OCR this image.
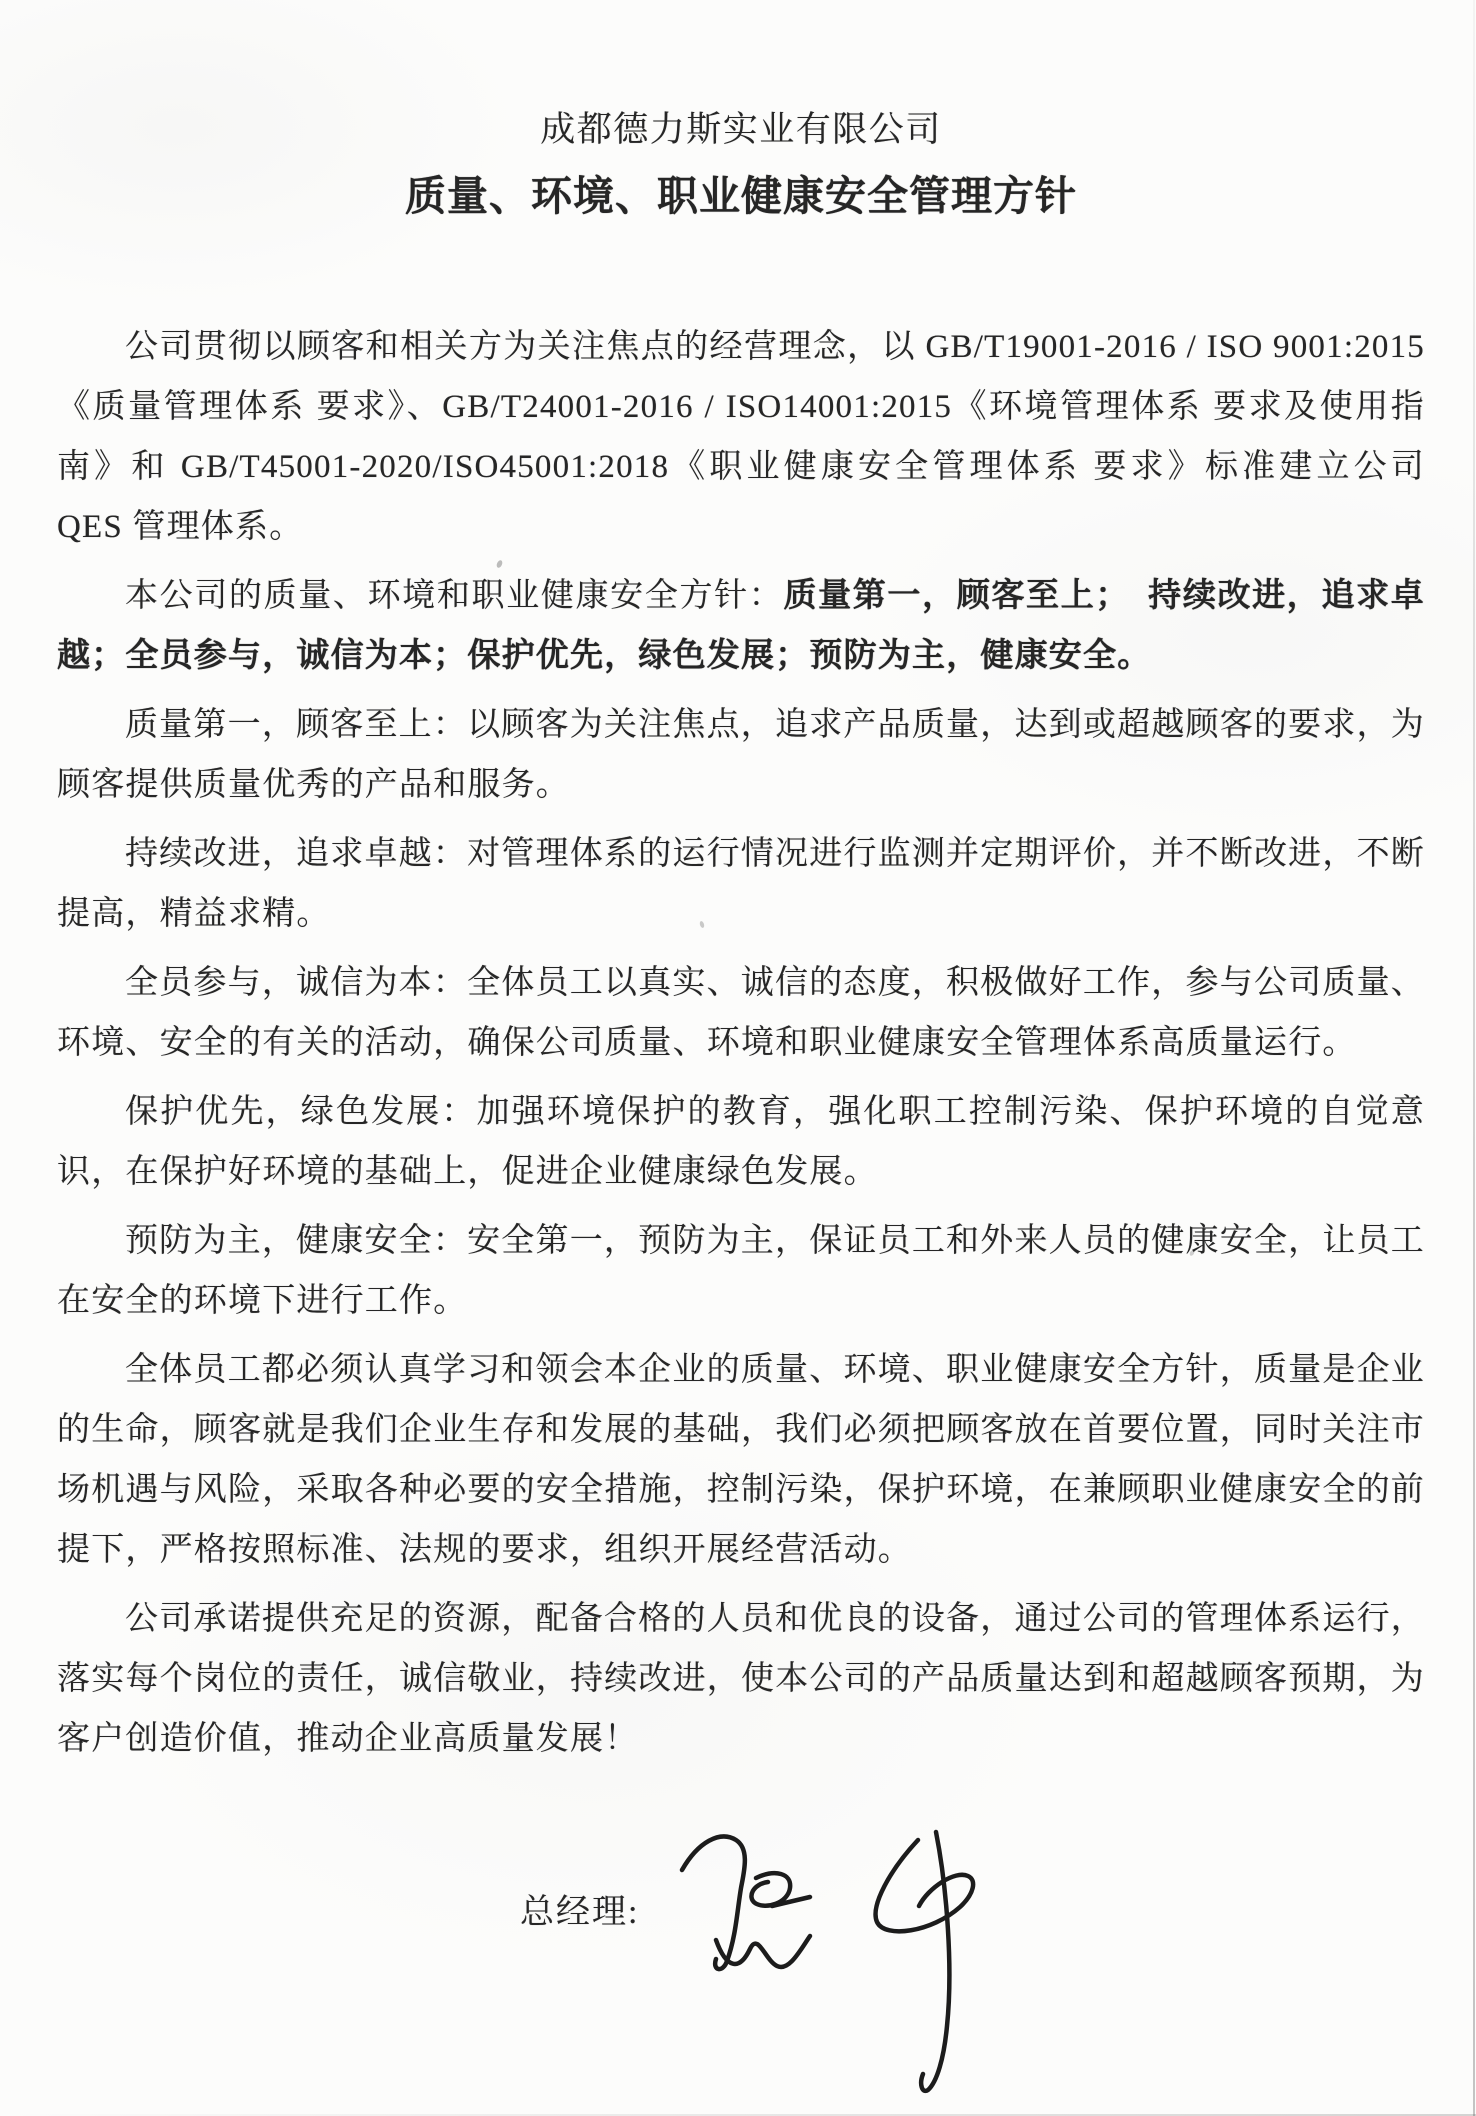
成都德力斯实业有限公司
质量、环境、职业健康安全管理方针

公司贯彻以顾客和相关方为关注焦点的经营理念，以 GB/T19001-2016 / ISO 9001:2015《质量管理体系 要求》、GB/T24001-2016 / ISO14001:2015《环境管理体系 要求及使用指南》和 GB/T45001-2020/ISO45001:2018《职业健康安全管理体系 要求》标准建立公司 QES 管理体系。

本公司的质量、环境和职业健康安全方针：质量第一，顾客至上；　持续改进，追求卓越；全员参与，诚信为本；保护优先，绿色发展；预防为主，健康安全。

质量第一，顾客至上：以顾客为关注焦点，追求产品质量，达到或超越顾客的要求，为顾客提供质量优秀的产品和服务。

持续改进，追求卓越：对管理体系的运行情况进行监测并定期评价，并不断改进，不断提高，精益求精。

全员参与，诚信为本：全体员工以真实、诚信的态度，积极做好工作，参与公司质量、环境、安全的有关的活动，确保公司质量、环境和职业健康安全管理体系高质量运行。

保护优先，绿色发展：加强环境保护的教育，强化职工控制污染、保护环境的自觉意识，在保护好环境的基础上，促进企业健康绿色发展。

预防为主，健康安全：安全第一，预防为主，保证员工和外来人员的健康安全，让员工在安全的环境下进行工作。

全体员工都必须认真学习和领会本企业的质量、环境、职业健康安全方针，质量是企业的生命，顾客就是我们企业生存和发展的基础，我们必须把顾客放在首要位置，同时关注市场机遇与风险，采取各种必要的安全措施，控制污染，保护环境，在兼顾职业健康安全的前提下，严格按照标准、法规的要求，组织开展经营活动。

公司承诺提供充足的资源，配备合格的人员和优良的设备，通过公司的管理体系运行，落实每个岗位的责任，诚信敬业，持续改进，使本公司的产品质量达到和超越顾客预期，为客户创造价值，推动企业高质量发展！

总经理:
